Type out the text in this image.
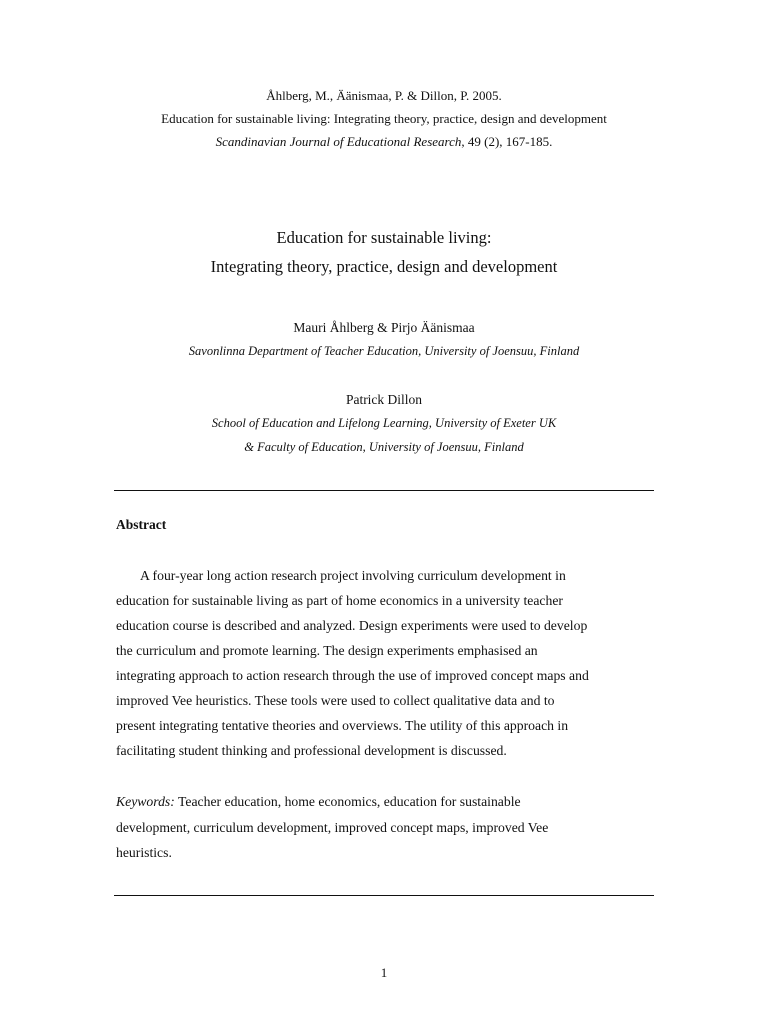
Åhlberg, M., Äänismaa, P. & Dillon, P. 2005.
Education for sustainable living: Integrating theory, practice, design and development
Scandinavian Journal of Educational Research, 49 (2), 167-185.
Education for sustainable living:
Integrating theory, practice, design and development
Mauri Åhlberg & Pirjo Äänismaa
Savonlinna Department of Teacher Education, University of Joensuu, Finland
Patrick Dillon
School of Education and Lifelong Learning, University of Exeter UK
& Faculty of Education, University of Joensuu, Finland
Abstract
A four-year long action research project involving curriculum development in
education for sustainable living as part of home economics in a university teacher
education course is described and analyzed. Design experiments were used to develop
the curriculum and promote learning. The design experiments emphasised an
integrating approach to action research through the use of improved concept maps and
improved Vee heuristics. These tools were used to collect qualitative data and to
present integrating tentative theories and overviews. The utility of this approach in
facilitating student thinking and professional development is discussed.
Keywords: Teacher education, home economics, education for sustainable
development, curriculum development, improved concept maps, improved Vee
heuristics.
1
